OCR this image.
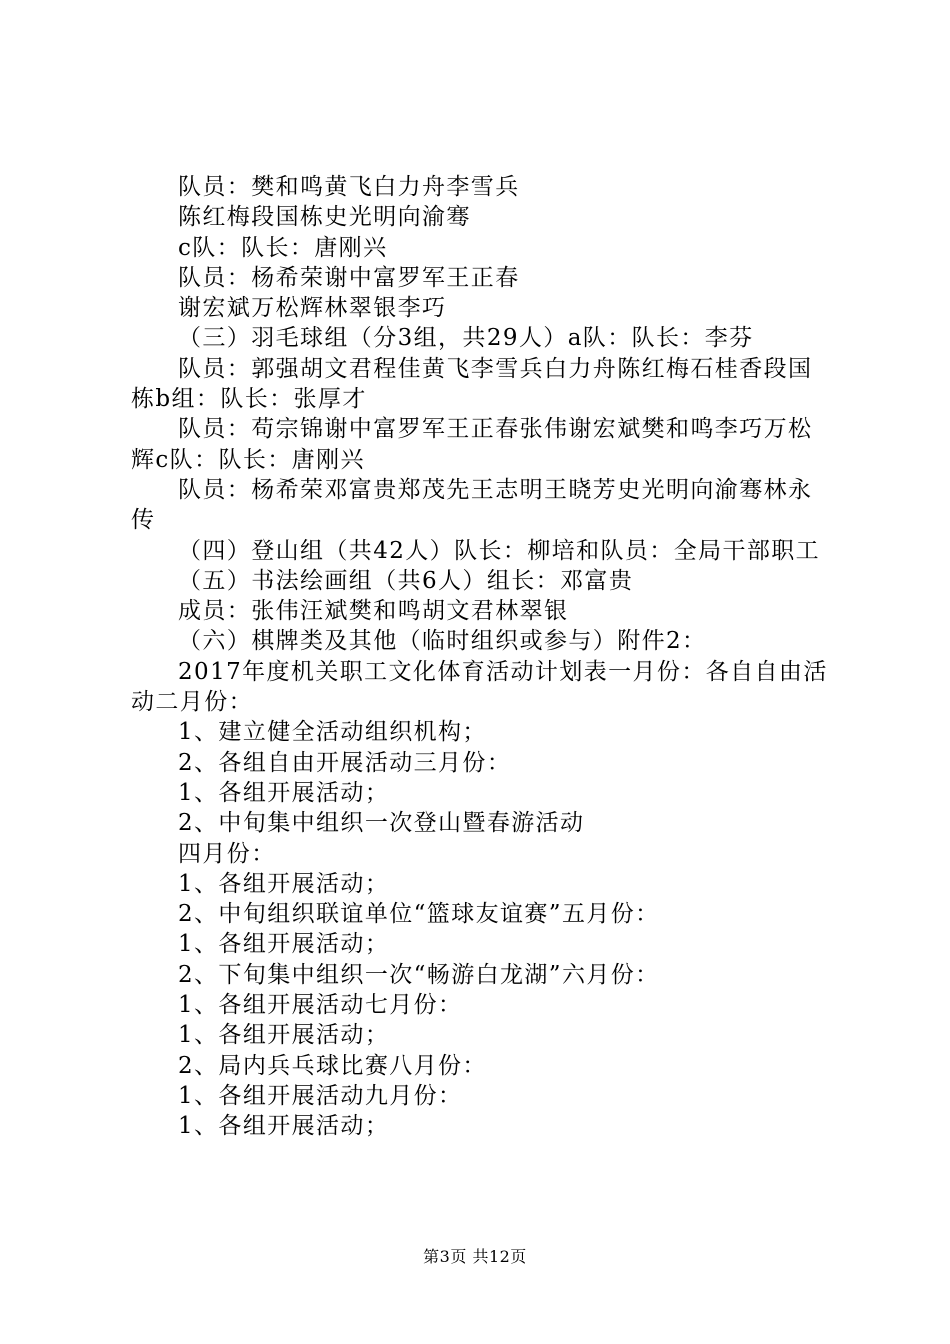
队员：樊和鸣黄飞白力舟李雪兵

陈红梅段国栋史光明向渝骞

c队：队长：唐刚兴

队员：杨希荣谢中富罗军王正春

谢宏斌万松辉林翠银李巧

（三）羽毛球组（分3组，共29人）a队：队长：李芬

队员：郭强胡文君程佳黄飞李雪兵白力舟陈红梅石桂香段国栋b组：队长：张厚才

队员：苟宗锦谢中富罗军王正春张伟谢宏斌樊和鸣李巧万松辉c队：队长：唐刚兴

队员：杨希荣邓富贵郑茂先王志明王晓芳史光明向渝骞林永传

（四）登山组（共42人）队长：柳培和队员：全局干部职工

（五）书法绘画组（共6人）组长：邓富贵

成员：张伟汪斌樊和鸣胡文君林翠银

（六）棋牌类及其他（临时组织或参与）附件2：

2017年度机关职工文化体育活动计划表一月份：各自自由活动二月份：

1、建立健全活动组织机构；

2、各组自由开展活动三月份：

1、各组开展活动；

2、中旬集中组织一次登山暨春游活动

四月份：

1、各组开展活动；

2、中旬组织联谊单位“篮球友谊赛”五月份：

1、各组开展活动；

2、下旬集中组织一次“畅游白龙湖”六月份：

1、各组开展活动七月份：

1、各组开展活动；

2、局内兵乓球比赛八月份：

1、各组开展活动九月份：

1、各组开展活动；

第3页 共12页
